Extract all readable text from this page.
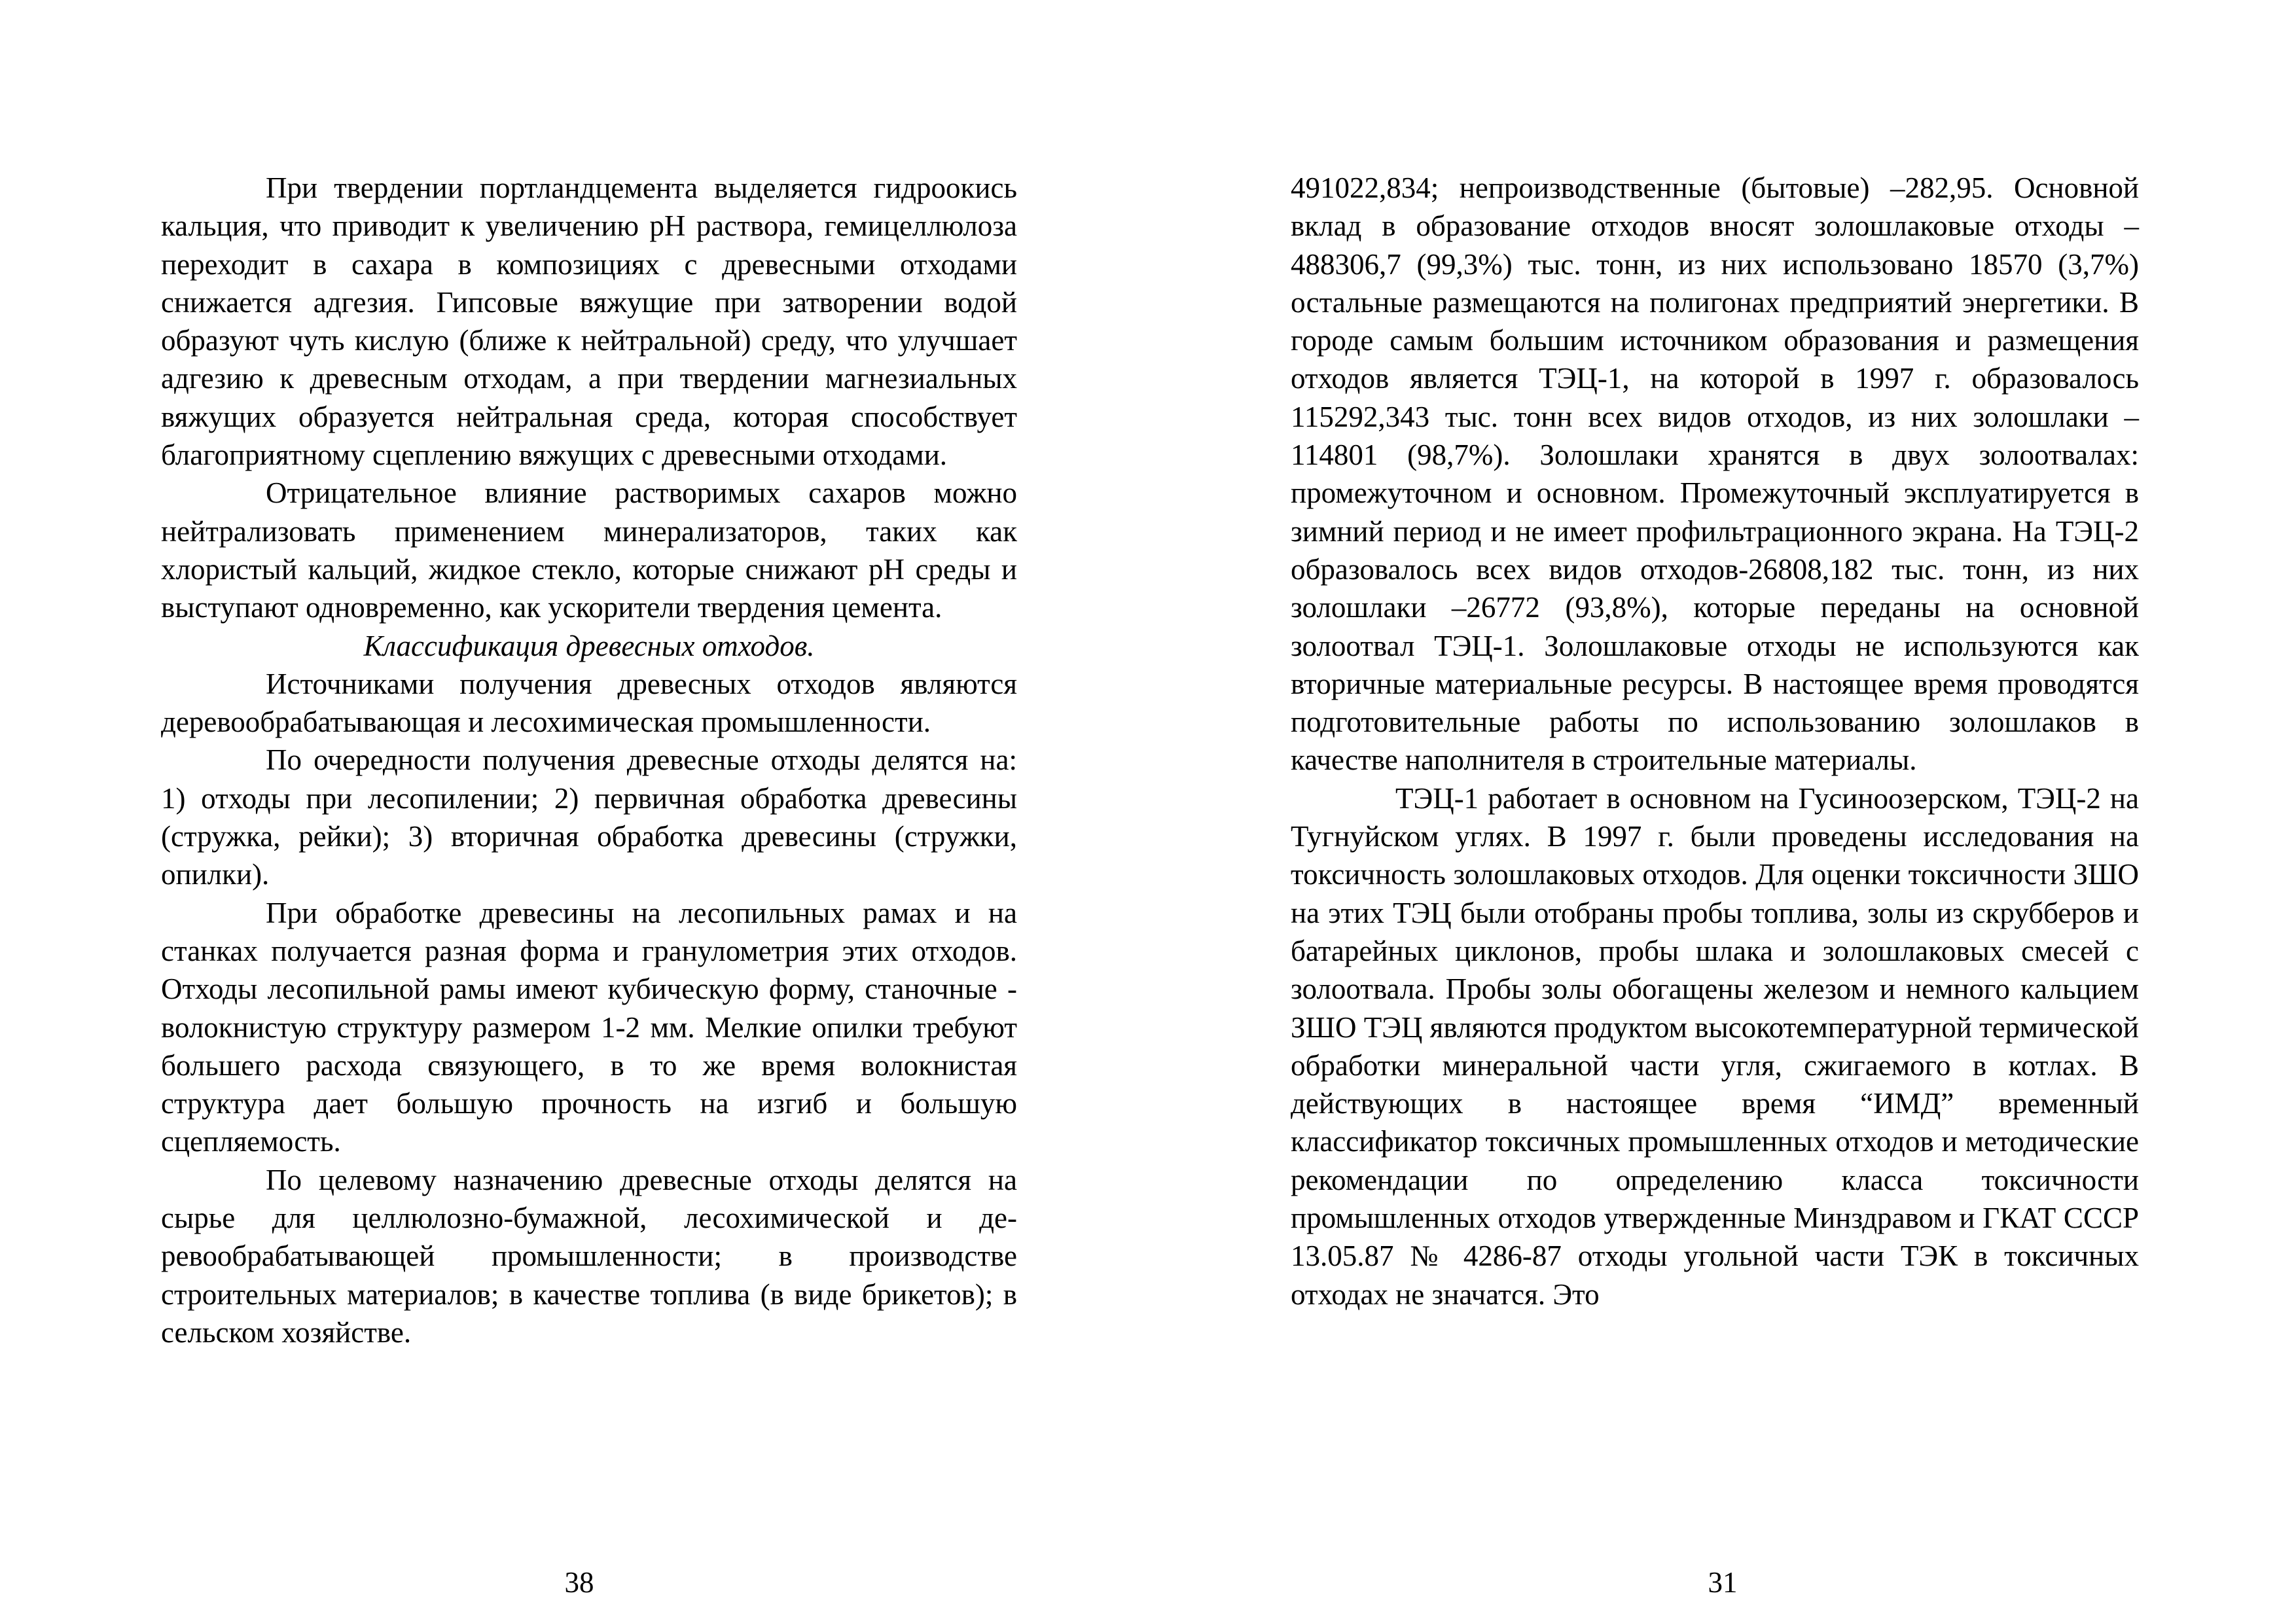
При твердении портландцемента выделяется гидроокись кальция, что приводит к увеличению рН раствора, гемицеллюлоза переходит в сахара в композициях с древесными отходами снижается адгезия. Гипсовые вяжущие при затворении водой образуют чуть кислую (ближе к нейтральной) среду, что улучшает адгезию к древесным отходам, а при твердении магнезиальных вяжущих образуется нейтральная среда, которая способствует благоприятному сцеплению вяжущих с древесными отходами.

Отрицательное влияние растворимых сахаров можно нейтрализовать применением минерализаторов, таких как хлористый кальций, жидкое стекло, которые снижают рН среды и выступают одновременно, как ускорители твердения цемента.

Классификация древесных отходов.

Источниками получения древесных отходов являются деревообрабатывающая и лесохимическая промышленности.

По очередности получения древесные отходы делятся на: 1) отходы при лесопилении; 2) первичная обработка древесины (стружка, рейки); 3) вторичная обработка древесины (стружки, опилки).

При обработке древесины на лесопильных рамах и на станках получается разная форма и гранулометрия этих отходов. Отходы лесопильной рамы имеют кубическую форму, станочные - волокнистую структуру размером 1-2 мм. Мелкие опилки требуют большего расхода связующего, в то же время волокнистая структура дает большую прочность на изгиб и большую сцепляемость.

По целевому назначению древесные отходы делятся на сырье для целлюлозно-бумажной, лесохимической и деревообрабатывающей промышленности; в производстве строительных материалов; в качестве топлива (в виде брикетов); в сельском хозяйстве.

38

491022,834; непроизводственные (бытовые) –282,95. Основной вклад в образование отходов вносят золошлаковые отходы –488306,7 (99,3%) тыс. тонн, из них использовано 18570 (3,7%) остальные размещаются на полигонах предприятий энергетики. В городе самым большим источником образования и размещения отходов является ТЭЦ-1, на которой в 1997 г. образовалось 115292,343 тыс. тонн всех видов отходов, из них золошлаки –114801 (98,7%). Золошлаки хранятся в двух золоотвалах: промежуточном и основном. Промежуточный эксплуатируется в зимний период и не имеет профильтрационного экрана. На ТЭЦ-2 образовалось всех видов отходов-26808,182 тыс. тонн, из них золошлаки –26772 (93,8%), которые переданы на основной золоотвал ТЭЦ-1. Золошлаковые отходы не используются как вторичные материальные ресурсы. В настоящее время проводятся подготовительные работы по использованию золошлаков в качестве наполнителя в строительные материалы.

ТЭЦ-1 работает в основном на Гусиноозерском, ТЭЦ-2 на Тугнуйском углях. В 1997 г. были проведены исследования на токсичность золошлаковых отходов. Для оценки токсичности ЗШО на этих ТЭЦ были отобраны пробы топлива, золы из скрубберов и батарейных циклонов, пробы шлака и золошлаковых смесей с золоотвала. Пробы золы обогащены железом и немного кальцием ЗШО ТЭЦ являются продуктом высокотемпературной термической обработки минеральной части угля, сжигаемого в котлах. В действующих в настоящее время “ИМД” временный классификатор токсичных промышленных отходов и методические рекомендации по определению класса токсичности промышленных отходов утвержденные Минздравом и ГКАТ СССР 13.05.87 № 4286-87 отходы угольной части ТЭК в токсичных отходах не значатся. Это

31
